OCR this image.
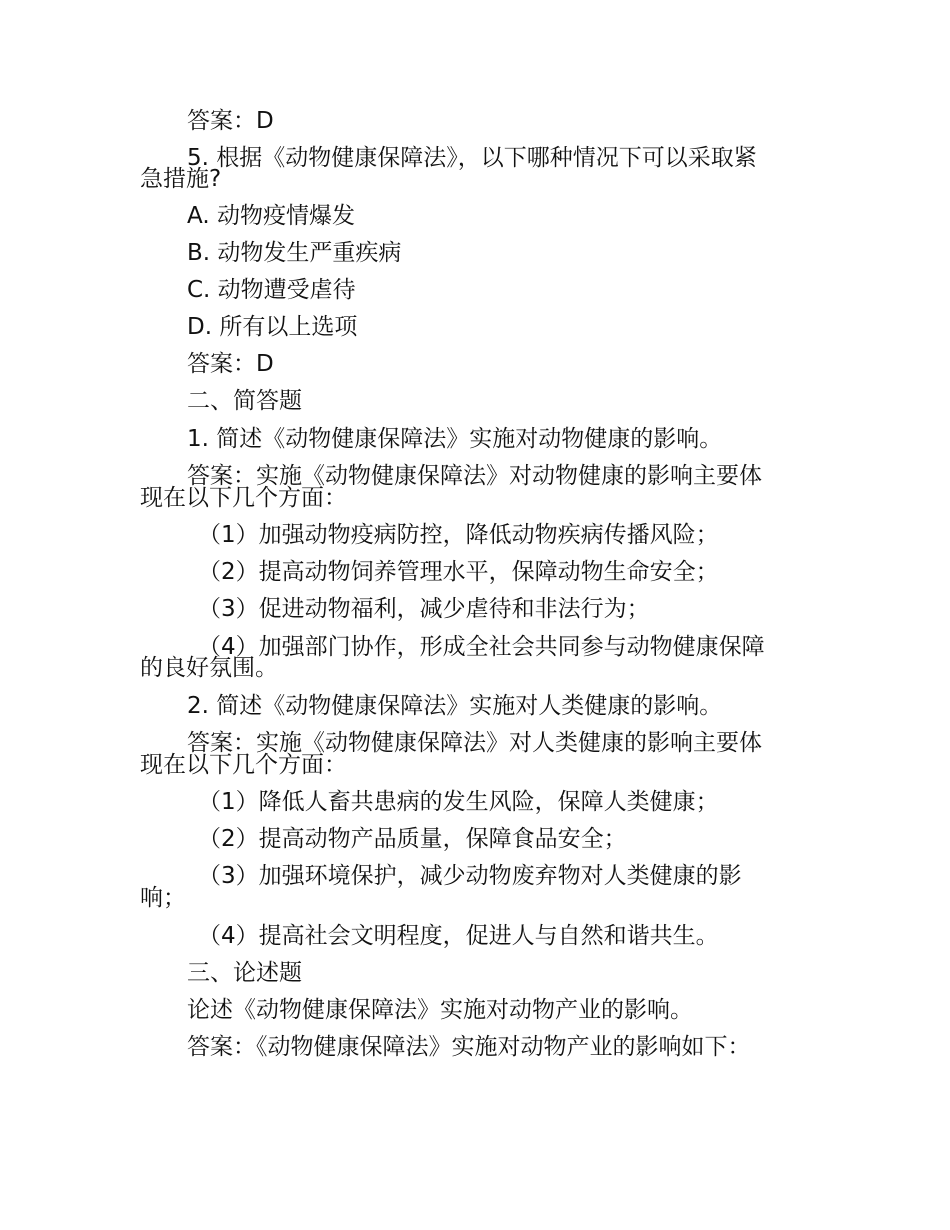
答案：D
5. 根据《动物健康保障法》，以下哪种情况下可以采取紧
急措施?
A. 动物疫情爆发
B. 动物发生严重疾病
C. 动物遭受虐待
D. 所有以上选项
答案：D
二、简答题
1. 简述《动物健康保障法》实施对动物健康的影响。
答案：实施《动物健康保障法》对动物健康的影响主要体
现在以下几个方面：
（1）加强动物疫病防控，降低动物疾病传播风险；
（2）提高动物饲养管理水平，保障动物生命安全；
（3）促进动物福利，减少虐待和非法行为；
（4）加强部门协作，形成全社会共同参与动物健康保障
的良好氛围。
2. 简述《动物健康保障法》实施对人类健康的影响。
答案：实施《动物健康保障法》对人类健康的影响主要体
现在以下几个方面：
（1）降低人畜共患病的发生风险，保障人类健康；
（2）提高动物产品质量，保障食品安全；
（3）加强环境保护，减少动物废弃物对人类健康的影
响；
（4）提高社会文明程度，促进人与自然和谐共生。
三、论述题
论述《动物健康保障法》实施对动物产业的影响。
答案：《动物健康保障法》实施对动物产业的影响如下：
